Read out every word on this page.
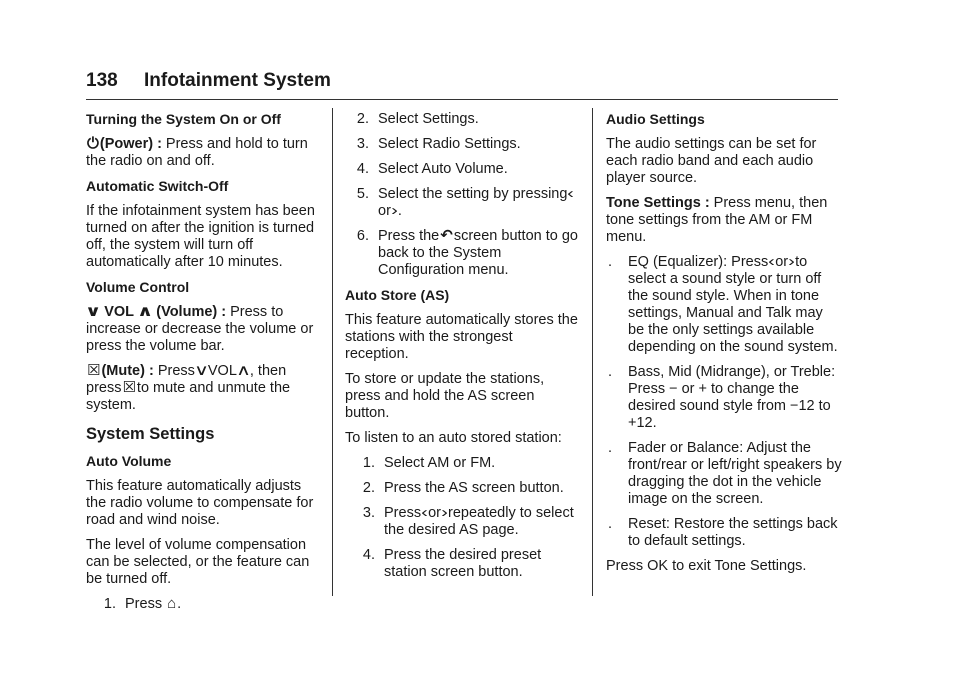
138 Infotainment System

Turning the System On or Off

⏻(Power) : Press and hold to turn the radio on and off.

Automatic Switch-Off

If the infotainment system has been turned on after the ignition is turned off, the system will turn off automatically after 10 minutes.

Volume Control

∨ VOL ∧ (Volume) : Press to increase or decrease the volume or press the volume bar.

☒(Mute) : Press∨VOL∧, then
press☒to mute and unmute the system.

System Settings

Auto Volume

This feature automatically adjusts the radio volume to compensate for road and wind noise.

The level of volume compensation can be selected, or the feature can be turned off.

1. Press ⌂.
2. Select Settings.
3. Select Radio Settings.
4. Select Auto Volume.
5. Select the setting by pressing‹or›.
6. Press the↶screen button to go back to the System Configuration menu.

Auto Store (AS)

This feature automatically stores the stations with the strongest reception.

To store or update the stations, press and hold the AS screen button.

To listen to an auto stored station:

1. Select AM or FM.
2. Press the AS screen button.
3. Press‹or›repeatedly to select the desired AS page.
4. Press the desired preset station screen button.

Audio Settings

The audio settings can be set for each radio band and each audio player source.

Tone Settings : Press menu, then tone settings from the AM or FM menu.

.	EQ (Equalizer): Press‹or›to select a sound style or turn off the sound style. When in tone settings, Manual and Talk may be the only settings available depending on the sound system.
.	Bass, Mid (Midrange), or Treble: Press − or + to change the desired sound style from −12 to +12.
.	Fader or Balance: Adjust the front/rear or left/right speakers by dragging the dot in the vehicle image on the screen.
.	Reset: Restore the settings back to default settings.

Press OK to exit Tone Settings.
